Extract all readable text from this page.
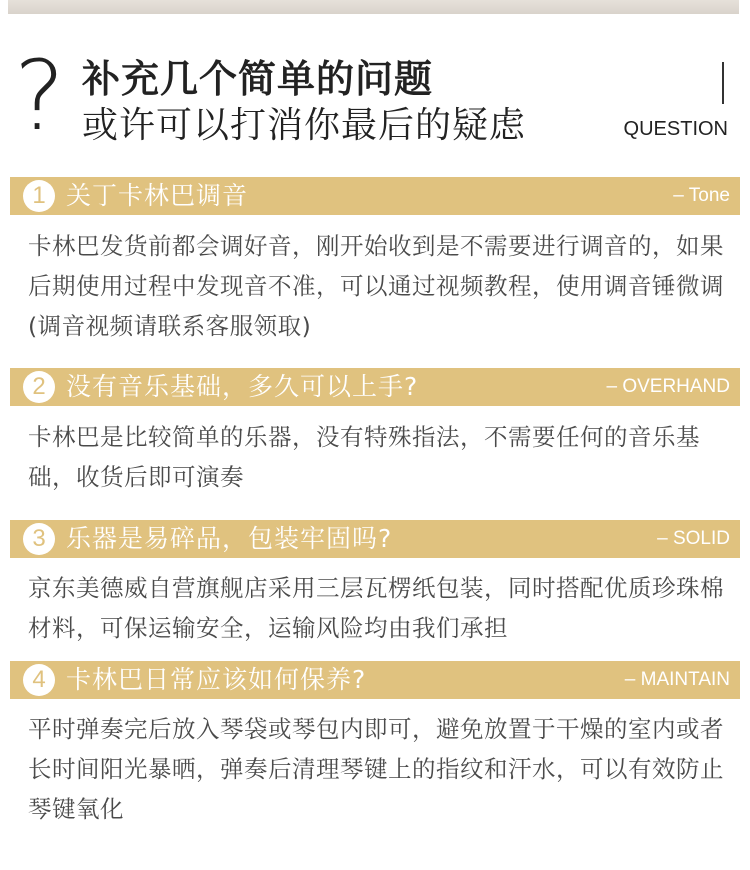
? 补充几个简单的问题
或许可以打消你最后的疑虑	QUESTION
1 关丁卡林巴调音	– Tone
卡林巴发货前都会调好音，刚开始收到是不需要进行调音的，如果后期使用过程中发现音不准，可以通过视频教程，使用调音锤微调(调音视频请联系客服领取)
2 没有音乐基础，多久可以上手?	– OVERHAND
卡林巴是比较简单的乐器，没有特殊指法，不需要任何的音乐基础，收货后即可演奏
3 乐器是易碎品，包装牢固吗?	– SOLID
京东美德威自营旗舰店采用三层瓦楞纸包装，同时搭配优质珍珠棉材料，可保运输安全，运输风险均由我们承担
4 卡林巴日常应该如何保养?	– MAINTAIN
平时弹奏完后放入琴袋或琴包内即可，避免放置于干燥的室内或者长时间阳光暴晒，弹奏后清理琴键上的指纹和汗水，可以有效防止琴键氧化
